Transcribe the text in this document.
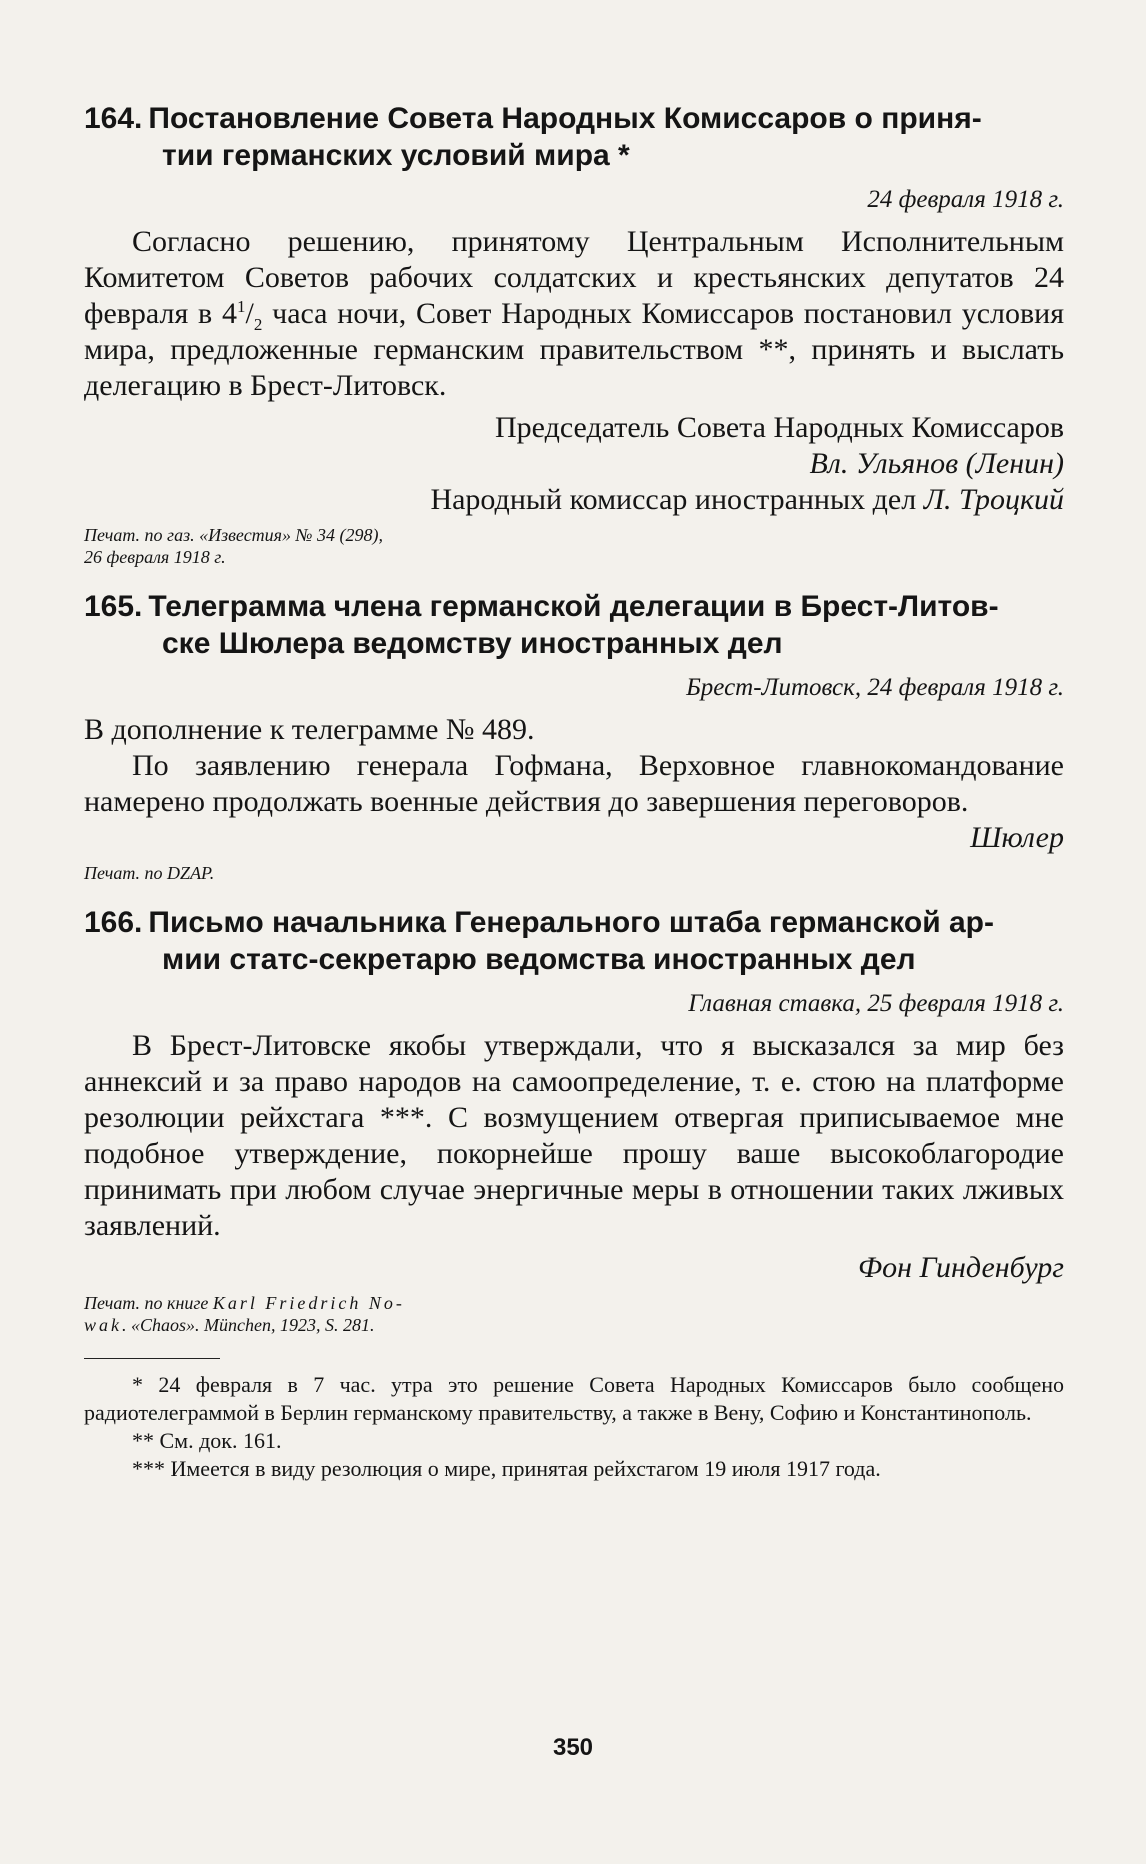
164. Постановление Совета Народных Комиссаров о приня-
тии германских условий мира *

24 февраля 1918 г.

Согласно решению, принятому Центральным Исполнительным Комитетом Советов рабочих солдатских и крестьянских депутатов 24 февраля в $4^1/_2$ часа ночи, Совет Народных Комиссаров постановил условия мира, предложенные германским правительством **, принять и выслать делегацию в Брест-Литовск.

Председатель Совета Народных Комиссаров

Вл. Ульянов (Ленин)

Народный комиссар иностранных дел Л. Троцкий

Печат. по газ. «Известия» № 34 (298),
26 февраля 1918 г.

165. Телеграмма члена германской делегации в Брест-Литов-
ске Шюлера ведомству иностранных дел

Брест-Литовск, 24 февраля 1918 г.

В дополнение к телеграмме № 489.

По заявлению генерала Гофмана, Верховное главнокомандование намерено продолжать военные действия до завершения переговоров.

Шюлер

Печат. по DZAP.

166. Письмо начальника Генерального штаба германской ар-
мии статс-секретарю ведомства иностранных дел

Главная ставка, 25 февраля 1918 г.

В Брест-Литовске якобы утверждали, что я высказался за мир без аннексий и за право народов на самоопределение, т. е. стою на платформе резолюции рейхстага ***. С возмущением отвергая приписываемое мне подобное утверждение, покорнейше прошу ваше высокоблагородие принимать при любом случае энергичные меры в отношении таких лживых заявлений.

Фон Гинденбург

Печат. по книге Karl Friedrich No-
wak. «Chaos». München, 1923, S. 281.

* 24 февраля в 7 час. утра это решение Совета Народных Комиссаров было сообщено радиотелеграммой в Берлин германскому правительству, а также в Вену, Софию и Константинополь.

** См. док. 161.

*** Имеется в виду резолюция о мире, принятая рейхстагом 19 июля 1917 года.

350
